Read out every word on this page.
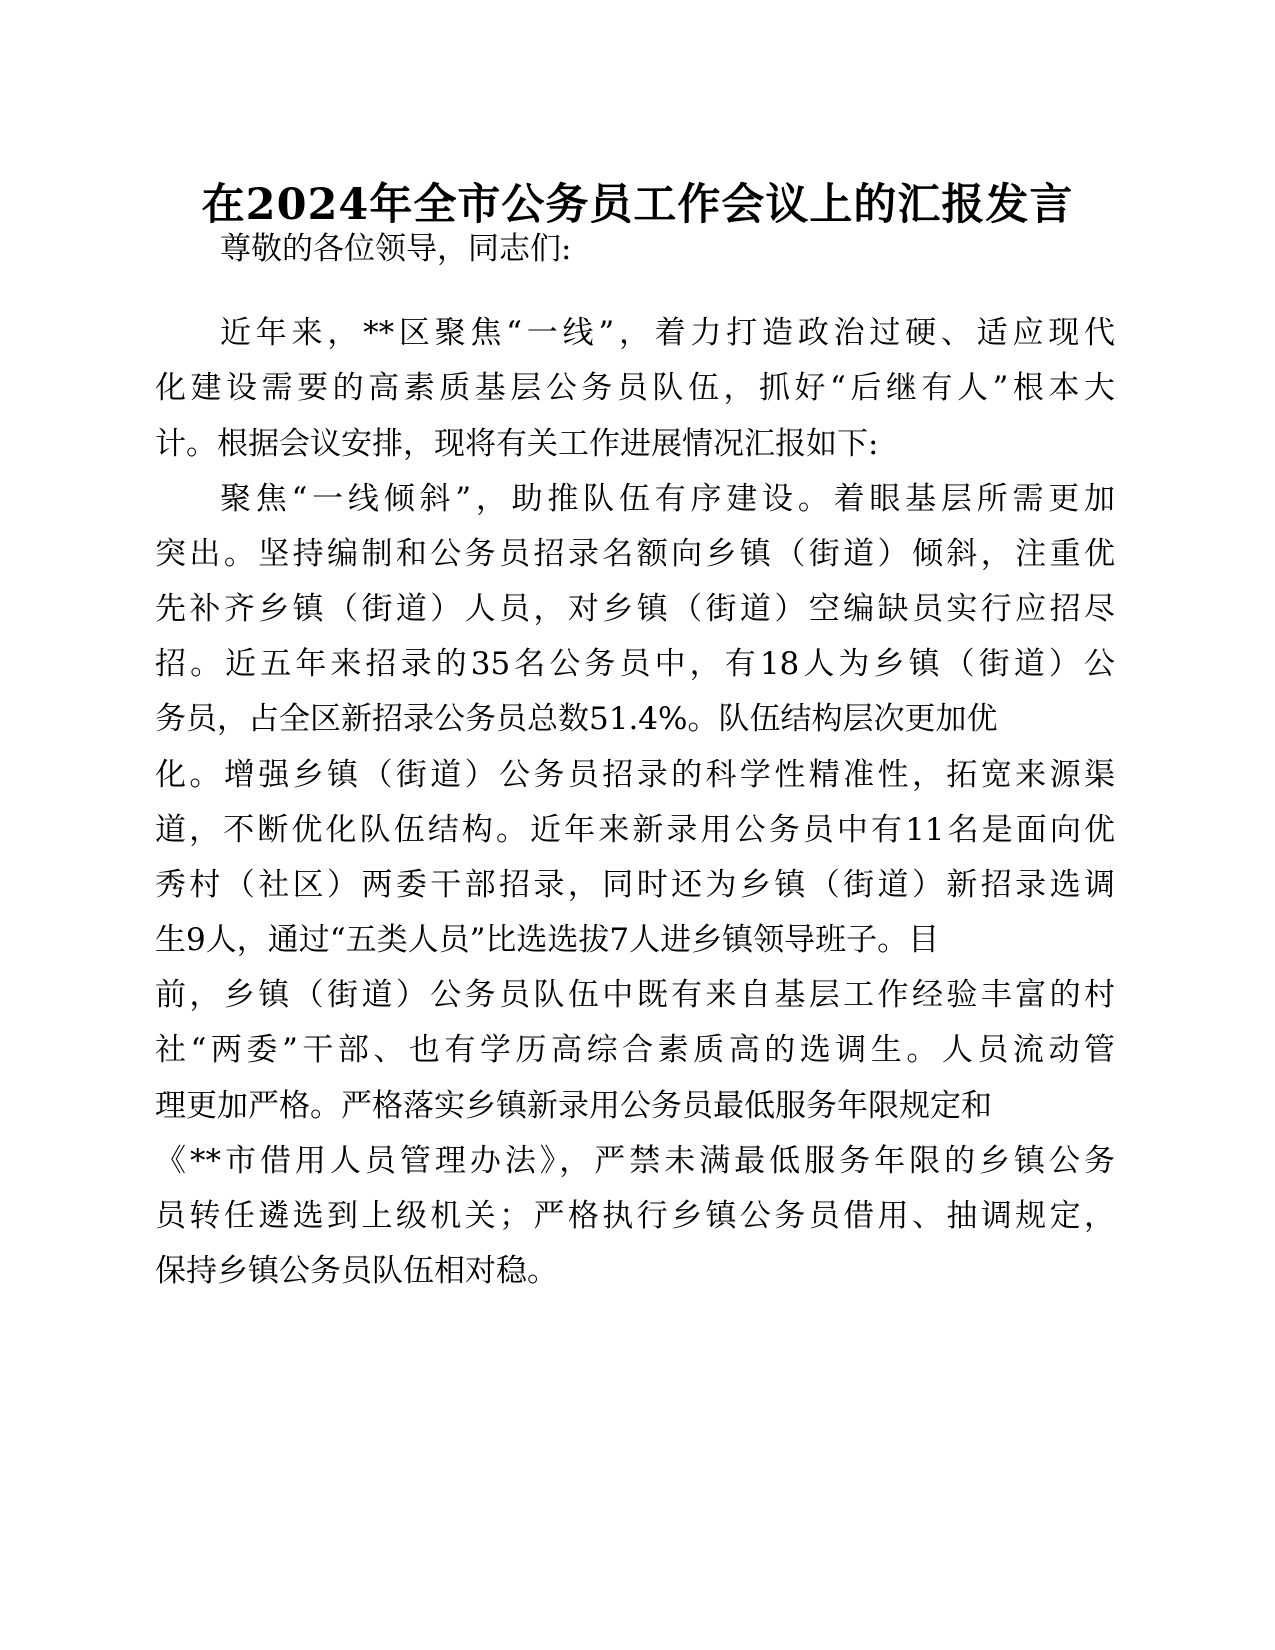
在2024年全市公务员工作会议上的汇报发言
尊敬的各位领导，同志们:
近年来，**区聚焦“一线”，着力打造政治过硬、适应现代
化建设需要的高素质基层公务员队伍，抓好“后继有人”根本大
计。根据会议安排，现将有关工作进展情况汇报如下:
聚焦“一线倾斜”，助推队伍有序建设。着眼基层所需更加
突出。坚持编制和公务员招录名额向乡镇（街道）倾斜，注重优
先补齐乡镇（街道）人员，对乡镇（街道）空编缺员实行应招尽
招。近五年来招录的35名公务员中，有18人为乡镇（街道）公
务员，占全区新招录公务员总数51.4%。队伍结构层次更加优
化。增强乡镇（街道）公务员招录的科学性精准性，拓宽来源渠
道，不断优化队伍结构。近年来新录用公务员中有11名是面向优
秀村（社区）两委干部招录，同时还为乡镇（街道）新招录选调
生9人，通过“五类人员”比选选拔7人进乡镇领导班子。目
前，乡镇（街道）公务员队伍中既有来自基层工作经验丰富的村
社“两委”干部、也有学历高综合素质高的选调生。人员流动管
理更加严格。严格落实乡镇新录用公务员最低服务年限规定和
《**市借用人员管理办法》，严禁未满最低服务年限的乡镇公务
员转任遴选到上级机关；严格执行乡镇公务员借用、抽调规定，
保持乡镇公务员队伍相对稳。
